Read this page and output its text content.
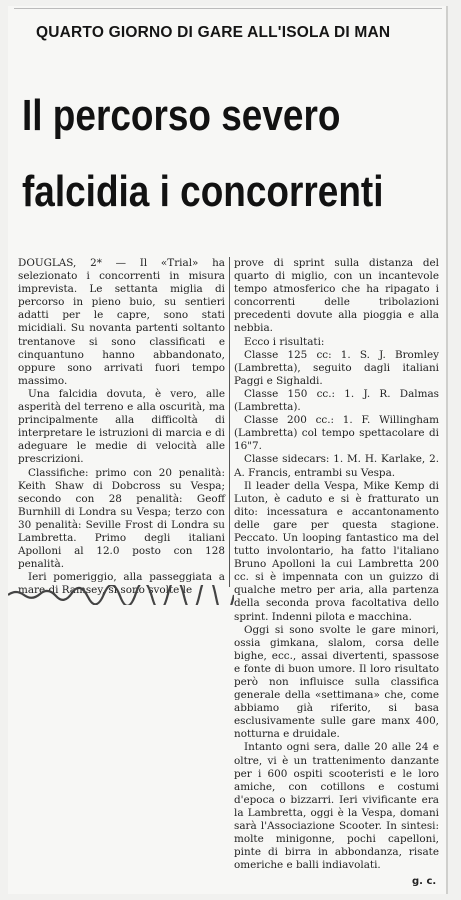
QUARTO GIORNO DI GARE ALL'ISOLA DI MAN
Il percorso severo
falcidia i concorrenti

DOUGLAS, 2* — Il «Trial» ha selezionato i concorrenti in misura imprevista. Le settanta miglia di percorso in pieno buio, su sentieri adatti per le capre, sono stati micidiali. Su novanta partenti soltanto trentanove si sono classificati e cinquantuno hanno abbandonato, oppure sono arrivati fuori tempo massimo.

Una falcidia dovuta, è vero, alle asperità del terreno e alla oscurità, ma principalmente alla difficoltà di interpretare le istruzioni di marcia e di adeguare le medie di velocità alle prescrizioni.

Classifiche: primo con 20 penalità: Keith Shaw di Dobcross su Vespa; secondo con 28 penalità: Geoff Burnhill di Londra su Vespa; terzo con 30 penalità: Seville Frost di Londra su Lambretta. Primo degli italiani Apolloni al 12.0 posto con 128 penalità.

Ieri pomeriggio, alla passeggiata a mare di Ramsey, si sono svolte le

prove di sprint sulla distanza del quarto di miglio, con un incantevole tempo atmosferico che ha ripagato i concorrenti delle tribolazioni precedenti dovute alla pioggia e alla nebbia.

Ecco i risultati:

Classe 125 cc: 1. S. J. Bromley (Lambretta), seguito dagli italiani Paggi e Sighaldi.

Classe 150 cc.: 1. J. R. Dalmas (Lambretta).

Classe 200 cc.: 1. F. Willingham (Lambretta) col tempo spettacolare di 16"7.

Classe sidecars: 1. M. H. Karlake, 2. A. Francis, entrambi su Vespa.

Il leader della Vespa, Mike Kemp di Luton, è caduto e si è fratturato un dito: incessatura e accantonamento delle gare per questa stagione. Peccato. Un looping fantastico ma del tutto involontario, ha fatto l'italiano Bruno Apolloni la cui Lambretta 200 cc. si è impennata con un guizzo di qualche metro per aria, alla partenza della seconda prova facoltativa dello sprint. Indenni pilota e macchina.

Oggi si sono svolte le gare minori, ossia gimkana, slalom, corsa delle bighe, ecc., assai divertenti, spassose e fonte di buon umore. Il loro risultato però non influisce sulla classifica generale della «settimana» che, come abbiamo già riferito, si basa esclusivamente sulle gare manx 400, notturna e druidale.

Intanto ogni sera, dalle 20 alle 24 e oltre, vi è un trattenimento danzante per i 600 ospiti scooteristi e le loro amiche, con cotillons e costumi d'epoca o bizzarri. Ieri vivificante era la Lambretta, oggi è la Vespa, domani sarà l'Associazione Scooter. In sintesi: molte minigonne, pochi capelloni, pinte di birra in abbondanza, risate omeriche e balli indiavolati.

g. c.
